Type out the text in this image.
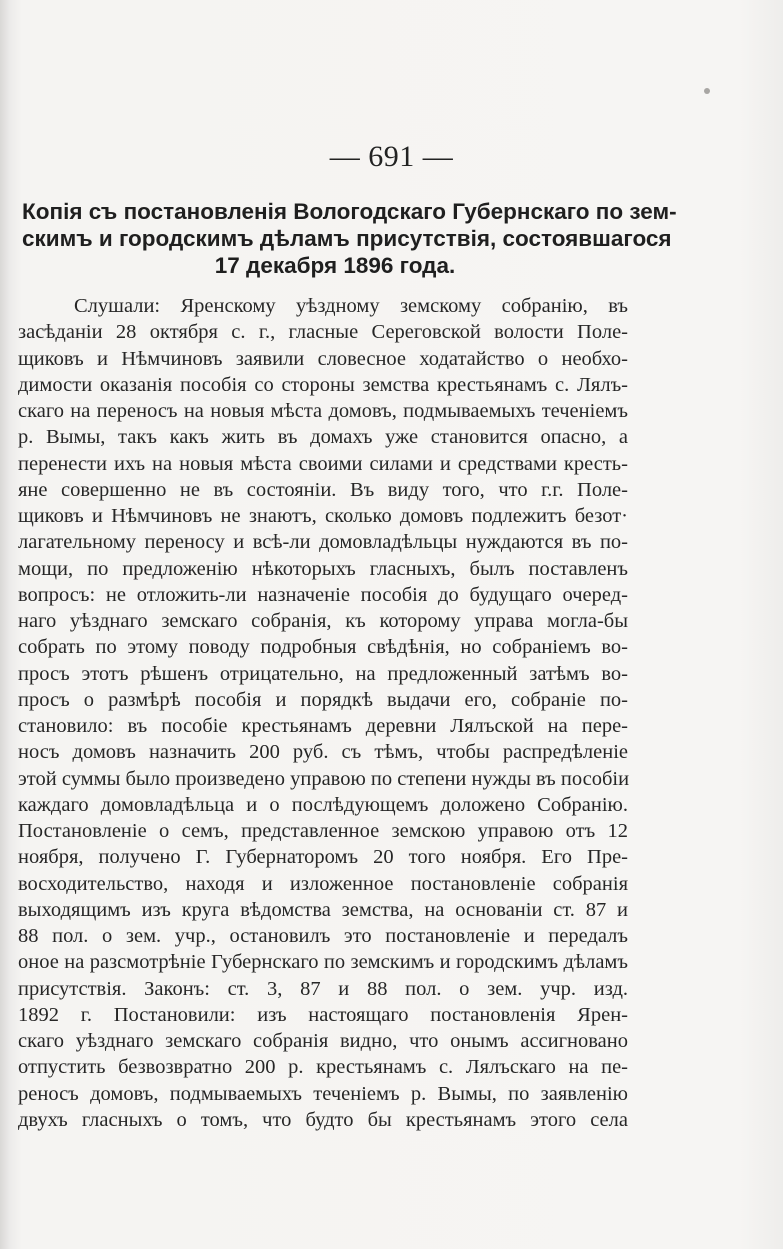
— 691 —
Копія съ постановленія Вологодскаго Губернскаго по зем-
скимъ и городскимъ дѣламъ присутствія, состоявшагося
17 декабря 1896 года.
Слушали: Яренскому уѣздному земскому собранію, въ
засѣданіи 28 октября с. г., гласные Сереговской волости Поле-
щиковъ и Нѣмчиновъ заявили словесное ходатайство о необхо-
димости оказанія пособія со стороны земства крестьянамъ с. Лялъ-
скаго на переносъ на новыя мѣста домовъ, подмываемыхъ теченіемъ
р. Вымы, такъ какъ жить въ домахъ уже становится опасно, а
перенести ихъ на новыя мѣста своими силами и средствами кресть-
яне совершенно не въ состояніи. Въ виду того, что г.г. Поле-
щиковъ и Нѣмчиновъ не знаютъ, сколько домовъ подлежитъ безот·
лагательному переносу и всѣ-ли домовладѣльцы нуждаются въ по-
мощи, по предложенію нѣкоторыхъ гласныхъ, былъ поставленъ
вопросъ: не отложить-ли назначеніе пособія до будущаго очеред-
наго уѣзднаго земскаго собранія, къ которому управа могла-бы
собрать по этому поводу подробныя свѣдѣнія, но собраніемъ во-
просъ этотъ рѣшенъ отрицательно, на предложенный затѣмъ во-
просъ о размѣрѣ пособія и порядкѣ выдачи его, собраніе по-
становило: въ пособіе крестьянамъ деревни Лялъской на пере-
носъ домовъ назначить 200 руб. съ тѣмъ, чтобы распредѣленіе
этой суммы было произведено управою по степени нужды въ пособіи
каждаго домовладѣльца и о послѣдующемъ доложено Собранію.
Постановленіе о семъ, представленное земскою управою отъ 12
ноября, получено Г. Губернаторомъ 20 того ноября. Его Пре-
восходительство, находя и изложенное постановленіе собранія
выходящимъ изъ круга вѣдомства земства, на основаніи ст. 87 и
88 пол. о зем. учр., остановилъ это постановленіе и передалъ
оное на разсмотрѣніе Губернскаго по земскимъ и городскимъ дѣламъ
присутствія. Законъ: ст. 3, 87 и 88 пол. о зем. учр. изд.
1892 г. Постановили: изъ настоящаго постановленія Ярен-
скаго уѣзднаго земскаго собранія видно, что онымъ ассигновано
отпустить безвозвратно 200 р. крестьянамъ с. Лялъскаго на пе-
реносъ домовъ, подмываемыхъ теченіемъ р. Вымы, по заявленію
двухъ гласныхъ о томъ, что будто бы крестьянамъ этого села
